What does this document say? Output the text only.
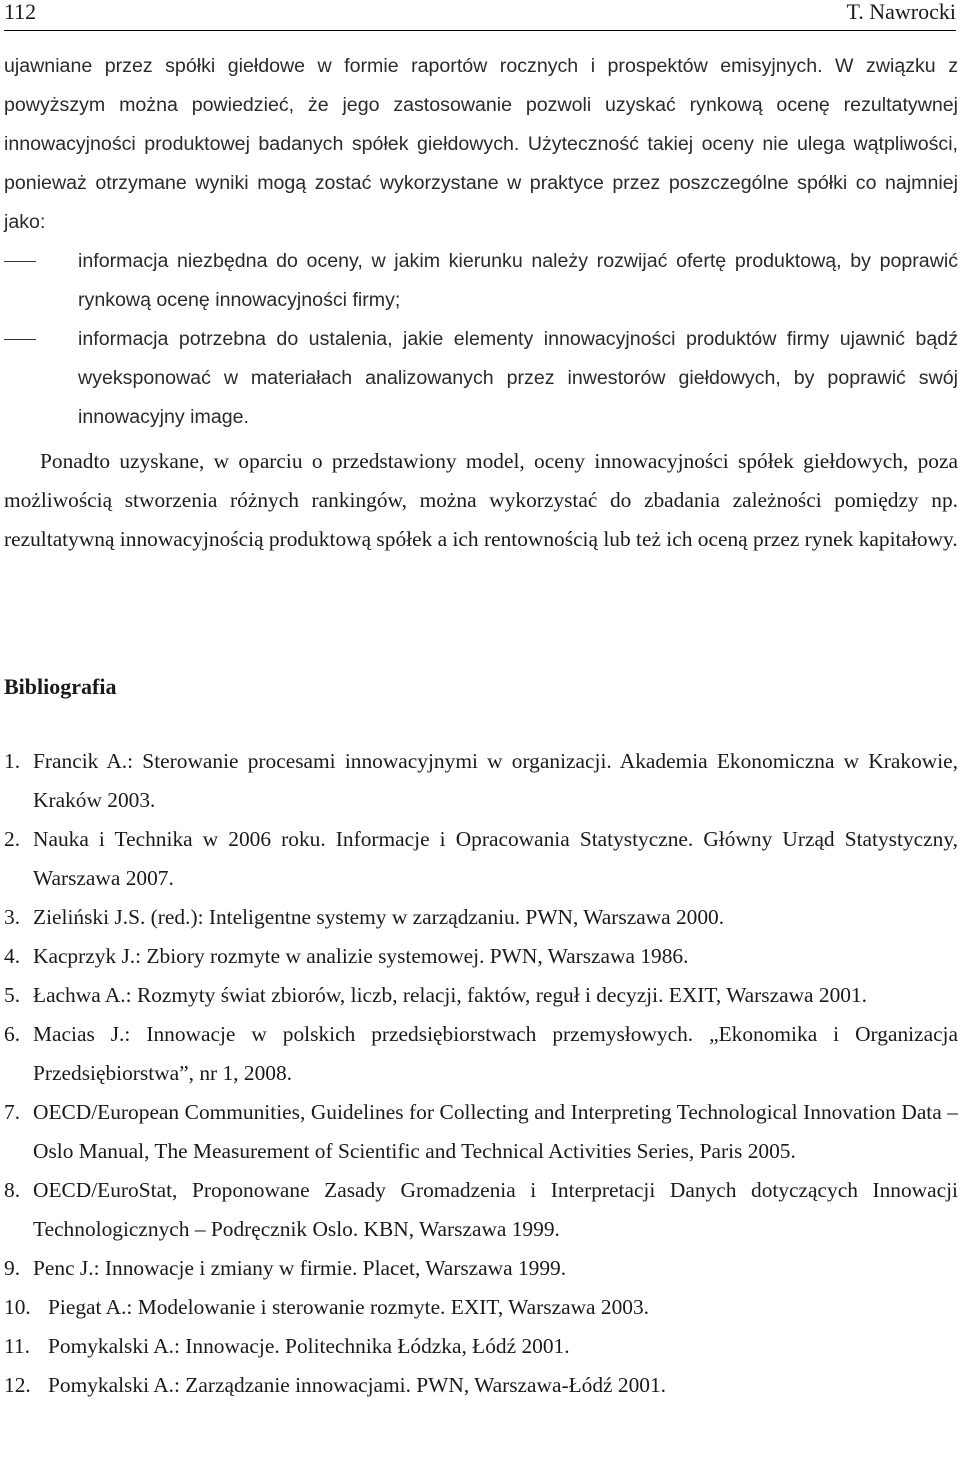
112	T. Nawrocki

ujawniane przez spółki giełdowe w formie raportów rocznych i prospektów emisyjnych. W związku z powyższym można powiedzieć, że jego zastosowanie pozwoli uzyskać rynkową ocenę rezultatywnej innowacyjności produktowej badanych spółek giełdowych. Użyteczność takiej oceny nie ulega wątpliwości, ponieważ otrzymane wyniki mogą zostać wykorzystane w praktyce przez poszczególne spółki co najmniej jako:

informacja niezbędna do oceny, w jakim kierunku należy rozwijać ofertę produktową, by poprawić rynkową ocenę innowacyjności firmy;
informacja potrzebna do ustalenia, jakie elementy innowacyjności produktów firmy ujawnić bądź wyeksponować w materiałach analizowanych przez inwestorów giełdowych, by poprawić swój innowacyjny image.

Ponadto uzyskane, w oparciu o przedstawiony model, oceny innowacyjności spółek giełdowych, poza możliwością stworzenia różnych rankingów, można wykorzystać do zbadania zależności pomiędzy np. rezultatywną innowacyjnością produktową spółek a ich rentownością lub też ich oceną przez rynek kapitałowy.

Bibliografia
1. Francik A.: Sterowanie procesami innowacyjnymi w organizacji. Akademia Ekonomiczna w Krakowie, Kraków 2003.
2. Nauka i Technika w 2006 roku. Informacje i Opracowania Statystyczne. Główny Urząd Statystyczny, Warszawa 2007.
3. Zieliński J.S. (red.): Inteligentne systemy w zarządzaniu. PWN, Warszawa 2000.
4. Kacprzyk J.: Zbiory rozmyte w analizie systemowej. PWN, Warszawa 1986.
5. Łachwa A.: Rozmyty świat zbiorów, liczb, relacji, faktów, reguł i decyzji. EXIT, Warszawa 2001.
6. Macias J.: Innowacje w polskich przedsiębiorstwach przemysłowych. „Ekonomika i Organizacja Przedsiębiorstwa”, nr 1, 2008.
7. OECD/European Communities, Guidelines for Collecting and Interpreting Technological Innovation Data – Oslo Manual, The Measurement of Scientific and Technical Activities Series, Paris 2005.
8. OECD/EuroStat, Proponowane Zasady Gromadzenia i Interpretacji Danych dotyczących Innowacji Technologicznych – Podręcznik Oslo. KBN, Warszawa 1999.
9. Penc J.: Innowacje i zmiany w firmie. Placet, Warszawa 1999.
10. Piegat A.: Modelowanie i sterowanie rozmyte. EXIT, Warszawa 2003.
11. Pomykalski A.: Innowacje. Politechnika Łódzka, Łódź 2001.
12. Pomykalski A.: Zarządzanie innowacjami. PWN, Warszawa-Łódź 2001.
